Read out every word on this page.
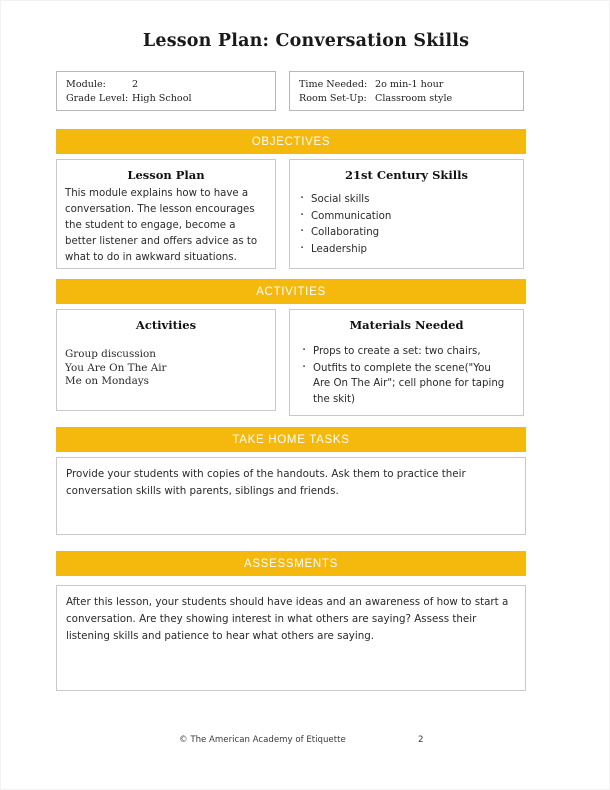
Lesson Plan: Conversation Skills
Module:	2
Grade Level: High School
Time Needed: 2o min-1 hour
Room Set-Up: Classroom style
OBJECTIVES
Lesson Plan
This module explains how to have a conversation. The lesson encourages the student to engage, become a better listener and offers advice as to what to do in awkward situations.
21st Century Skills
· Social skills
· Communication
· Collaborating
· Leadership
ACTIVITIES
Activities
Group discussion
You Are On The Air
Me on Mondays
Materials Needed
· Props to create a set: two chairs,
· Outfits to complete the scene("You Are On The Air"; cell phone for taping the skit)
TAKE HOME TASKS
Provide your students with copies of the handouts. Ask them to practice their conversation skills with parents, siblings and friends.
ASSESSMENTS
After this lesson, your students should have ideas and an awareness of how to start a conversation. Are they showing interest in what others are saying? Assess their listening skills and patience to hear what others are saying.
© The American Academy of Etiquette	2
